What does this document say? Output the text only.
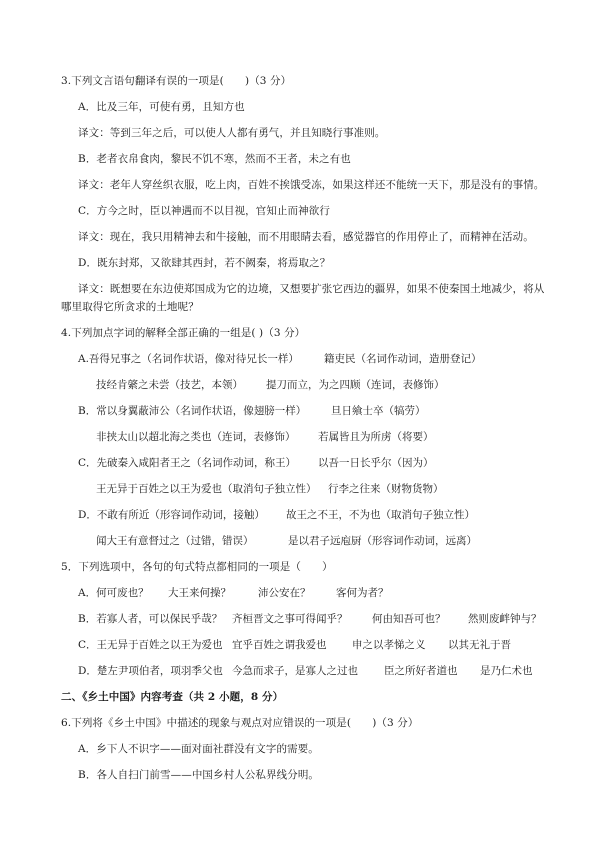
3.下列文言语句翻译有误的一项是(　　)（3 分）
A．比及三年，可使有勇，且知方也
译文：等到三年之后，可以使人人都有勇气，并且知晓行事准则。
B．老者衣帛食肉，黎民不饥不寒，然而不王者，未之有也
译文：老年人穿丝织衣服，吃上肉，百姓不挨饿受冻，如果这样还不能统一天下，那是没有的事情。
C．方今之时，臣以神遇而不以目视，官知止而神欲行
译文：现在，我只用精神去和牛接触，而不用眼睛去看，感觉器官的作用停止了，而精神在活动。
D．既东封郑，又欲肆其西封，若不阙秦，将焉取之？
译文：既想要在东边使郑国成为它的边境，又想要扩张它西边的疆界，如果不使秦国土地减少，将从
哪里取得它所贪求的土地呢？
4.下列加点字词的解释全部正确的一组是( )（3 分）
A.吾得兄事之（名词作状语，像对待兄长一样） 籍吏民（名词作动词，造册登记）
技经肯綮之未尝（技艺，本领） 提刀而立，为之四顾（连词，表修饰）
B．常以身翼蔽沛公（名词作状语，像翅膀一样） 旦日飨士卒（犒劳）
非挟太山以超北海之类也（连词，表修饰） 若属皆且为所虏（将要）
C．先破秦入咸阳者王之（名词作动词，称王） 以吾一日长乎尔（因为）
王无异于百姓之以王为爱也（取消句子独立性） 行李之往来（财物货物）
D．不敢有所近（形容词作动词，接触） 故王之不王，不为也（取消句子独立性）
闻大王有意督过之（过错，错误）	是以君子远庖厨（形容词作动词，远离）
5．下列选项中，各句的句式特点都相同的一项是（　　）
A．何可废也？ 大王来何操？	沛公安在？ 客何为者？
B．若寡人者，可以保民乎哉？ 齐桓晋文之事可得闻乎？ 何由知吾可也？ 然则废衅钟与？
C．王无异于百姓之以王为爱也 宜乎百姓之谓我爱也 申之以孝悌之义 以其无礼于晋
D．楚左尹项伯者，项羽季父也 今急而求子，是寡人之过也 臣之所好者道也 是乃仁术也
二、《乡土中国》内容考查（共 2 小题，8 分）
6.下列将《乡土中国》中描述的现象与观点对应错误的一项是(　　)（3 分）
A．乡下人不识字——面对面社群没有文字的需要。
B．各人自扫门前雪——中国乡村人公私界线分明。
